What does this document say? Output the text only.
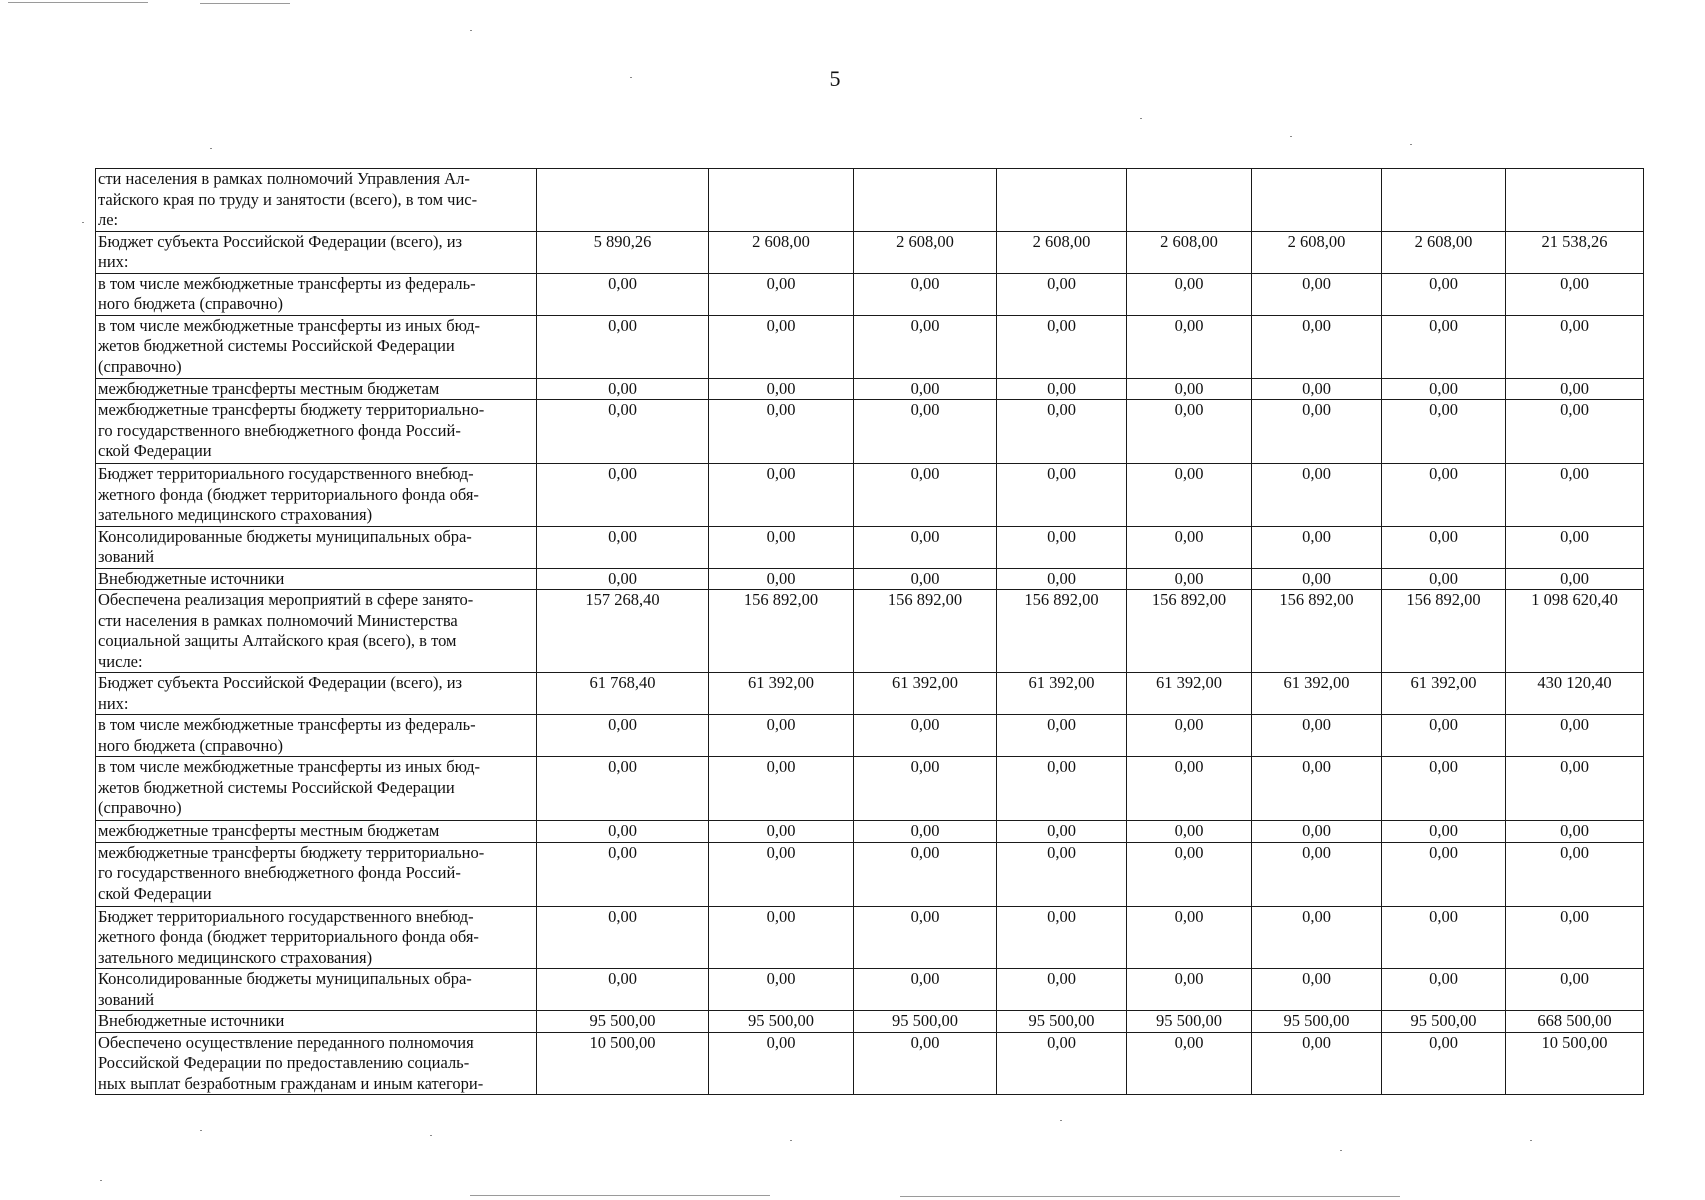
5
сти населения в рамках полномочий Управления Ал-
тайского края по труду и занятости (всего), в том чис-
ле:								
Бюджет субъекта Российской Федерации (всего), из
них:	5 890,26	2 608,00	2 608,00	2 608,00	2 608,00	2 608,00	2 608,00	21 538,26
в том числе межбюджетные трансферты из федераль-
ного бюджета (справочно)	0,00	0,00	0,00	0,00	0,00	0,00	0,00	0,00
в том числе межбюджетные трансферты из иных бюд-
жетов бюджетной системы Российской Федерации
(справочно)	0,00	0,00	0,00	0,00	0,00	0,00	0,00	0,00
межбюджетные трансферты местным бюджетам	0,00	0,00	0,00	0,00	0,00	0,00	0,00	0,00
межбюджетные трансферты бюджету территориально-
го государственного внебюджетного фонда Россий-
ской Федерации	0,00	0,00	0,00	0,00	0,00	0,00	0,00	0,00
Бюджет территориального государственного внебюд-
жетного фонда (бюджет территориального фонда обя-
зательного медицинского страхования)	0,00	0,00	0,00	0,00	0,00	0,00	0,00	0,00
Консолидированные бюджеты муниципальных обра-
зований	0,00	0,00	0,00	0,00	0,00	0,00	0,00	0,00
Внебюджетные источники	0,00	0,00	0,00	0,00	0,00	0,00	0,00	0,00
Обеспечена реализация мероприятий в сфере занято-
сти населения в рамках полномочий Министерства
социальной защиты Алтайского края (всего), в том
числе:	157 268,40	156 892,00	156 892,00	156 892,00	156 892,00	156 892,00	156 892,00	1 098 620,40
Бюджет субъекта Российской Федерации (всего), из
них:	61 768,40	61 392,00	61 392,00	61 392,00	61 392,00	61 392,00	61 392,00	430 120,40
в том числе межбюджетные трансферты из федераль-
ного бюджета (справочно)	0,00	0,00	0,00	0,00	0,00	0,00	0,00	0,00
в том числе межбюджетные трансферты из иных бюд-
жетов бюджетной системы Российской Федерации
(справочно)	0,00	0,00	0,00	0,00	0,00	0,00	0,00	0,00
межбюджетные трансферты местным бюджетам	0,00	0,00	0,00	0,00	0,00	0,00	0,00	0,00
межбюджетные трансферты бюджету территориально-
го государственного внебюджетного фонда Россий-
ской Федерации	0,00	0,00	0,00	0,00	0,00	0,00	0,00	0,00
Бюджет территориального государственного внебюд-
жетного фонда (бюджет территориального фонда обя-
зательного медицинского страхования)	0,00	0,00	0,00	0,00	0,00	0,00	0,00	0,00
Консолидированные бюджеты муниципальных обра-
зований	0,00	0,00	0,00	0,00	0,00	0,00	0,00	0,00
Внебюджетные источники	95 500,00	95 500,00	95 500,00	95 500,00	95 500,00	95 500,00	95 500,00	668 500,00
Обеспечено осуществление переданного полномочия
Российской Федерации по предоставлению социаль-
ных выплат безработным гражданам и иным категори-	10 500,00	0,00	0,00	0,00	0,00	0,00	0,00	10 500,00
